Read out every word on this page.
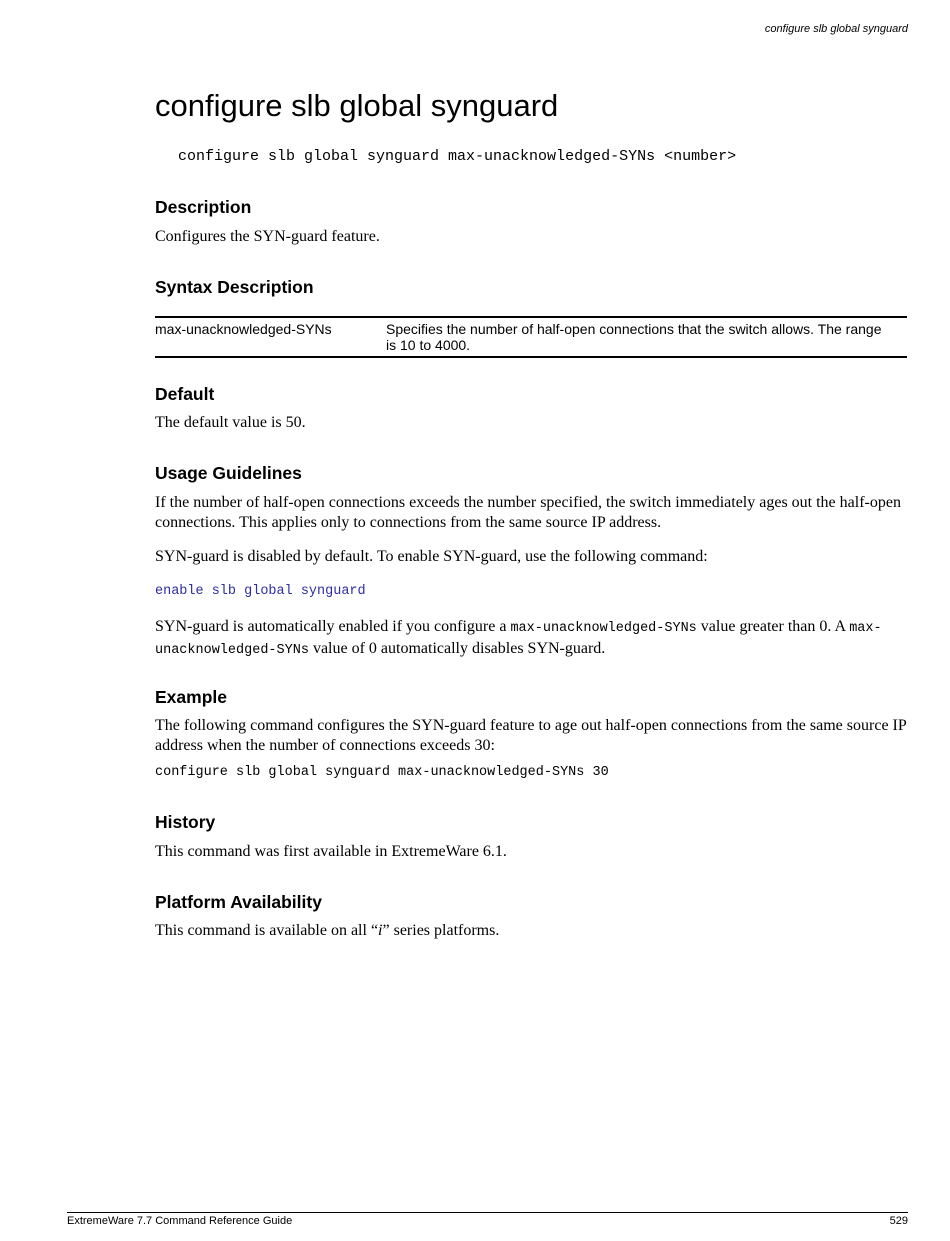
configure slb global synguard
configure slb global synguard
configure slb global synguard max-unacknowledged-SYNs <number>
Description

Configures the SYN-guard feature.

Syntax Description
max-unacknowledged-SYNs	Specifies the number of half-open connections that the switch allows. The range is 10 to 4000.
Default

The default value is 50.

Usage Guidelines

If the number of half-open connections exceeds the number specified, the switch immediately ages out the half-open connections. This applies only to connections from the same source IP address.

SYN-guard is disabled by default. To enable SYN-guard, use the following command:

enable slb global synguard

SYN-guard is automatically enabled if you configure a max-unacknowledged-SYNs value greater than 0. A max-unacknowledged-SYNs value of 0 automatically disables SYN-guard.

Example

The following command configures the SYN-guard feature to age out half-open connections from the same source IP address when the number of connections exceeds 30:

configure slb global synguard max-unacknowledged-SYNs 30
History

This command was first available in ExtremeWare 6.1.

Platform Availability

This command is available on all “i” series platforms.

ExtremeWare 7.7 Command Reference Guide	529
